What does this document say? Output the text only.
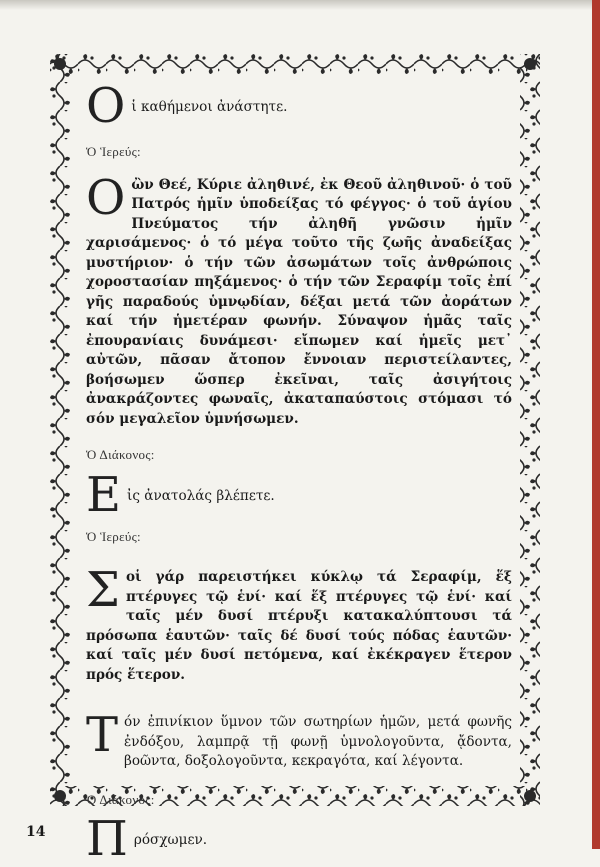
Ο ἱ καθήμενοι ἀνάστητε.

Ὁ Ἱερεύς:

Ο ὢν Θεέ, Κύριε ἀληθινέ, ἐκ Θεοῦ ἀληθινοῦ· ὁ τοῦ Πατρός ἡμῖν ὑποδείξας τό φέγγος· ὁ τοῦ ἁγίου Πνεύματος τήν ἀληθῆ γνῶσιν ἡμῖν χαρισάμενος· ὁ τό μέγα τοῦτο τῆς ζωῆς ἀναδείξας μυστήριον· ὁ τήν τῶν ἀσωμάτων τοῖς ἀνθρώποις χοροστασίαν πηξάμενος· ὁ τήν τῶν Σεραφίμ τοῖς ἐπί γῆς παραδούς ὑμνῳδίαν, δέξαι μετά τῶν ἀοράτων καί τήν ἡμετέραν φωνήν. Σύναψον ἡμᾶς ταῖς ἐπουρανίαις δυνάμεσι· εἴπωμεν καί ἡμεῖς μετ᾿ αὐτῶν, πᾶσαν ἄτοπον ἔννοιαν περιστείλαντες, βοήσωμεν ὥσπερ ἐκεῖναι, ταῖς ἀσιγήτοις ἀνακράζοντες φωναῖς, ἀκαταπαύστοις στόμασι τό σόν μεγαλεῖον ὑμνήσωμεν.

Ὁ Διάκονος:

Ε ἰς ἀνατολάς βλέπετε.

Ὁ Ἱερεύς:

Σ οἱ γάρ παρειστήκει κύκλῳ τά Σεραφίμ, ἕξ πτέρυγες τῷ ἑνί· καί ἕξ πτέρυγες τῷ ἑνί· καί ταῖς μέν δυσί πτέρυξι κατακαλύπτουσι τά πρόσωπα ἑαυτῶν· ταῖς δέ δυσί τούς πόδας ἑαυτῶν· καί ταῖς μέν δυσί πετόμενα, καί ἐκέκραγεν ἕτερον πρός ἕτερον.

Τ όν ἐπινίκιον ὕμνον τῶν σωτηρίων ἡμῶν, μετά φωνῆς ἐνδόξου, λαμπρᾷ τῇ φωνῇ ὑμνολογοῦντα, ᾄδοντα, βοῶντα, δοξολογοῦντα, κεκραγότα, καί λέγοντα.

Ὁ Διάκονος:

Π ρόσχωμεν.

14
